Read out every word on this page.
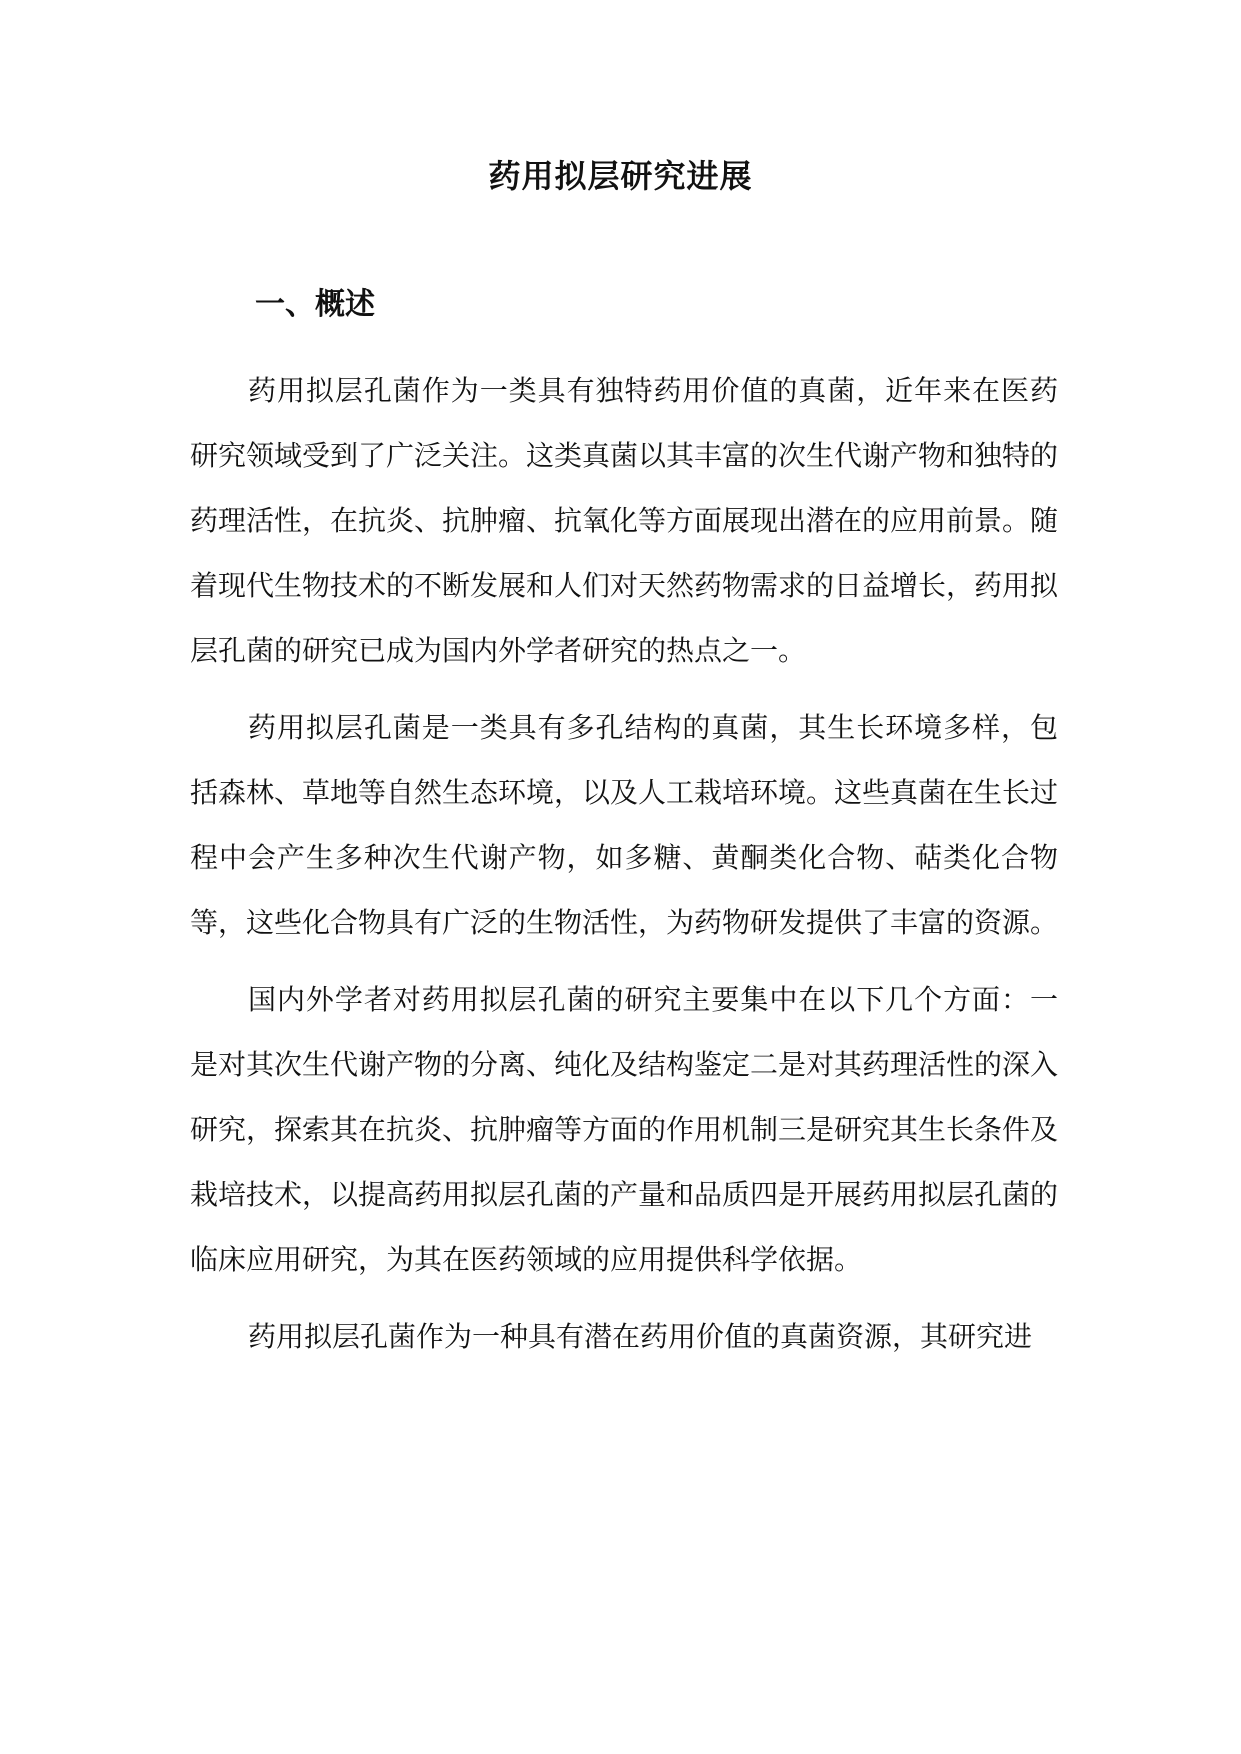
药用拟层研究进展
一、概述

药用拟层孔菌作为一类具有独特药用价值的真菌，近年来在医药研究领域受到了广泛关注。这类真菌以其丰富的次生代谢产物和独特的药理活性，在抗炎、抗肿瘤、抗氧化等方面展现出潜在的应用前景。随着现代生物技术的不断发展和人们对天然药物需求的日益增长，药用拟层孔菌的研究已成为国内外学者研究的热点之一。

药用拟层孔菌是一类具有多孔结构的真菌，其生长环境多样，包括森林、草地等自然生态环境，以及人工栽培环境。这些真菌在生长过程中会产生多种次生代谢产物，如多糖、黄酮类化合物、萜类化合物等，这些化合物具有广泛的生物活性，为药物研发提供了丰富的资源。

国内外学者对药用拟层孔菌的研究主要集中在以下几个方面：一是对其次生代谢产物的分离、纯化及结构鉴定二是对其药理活性的深入研究，探索其在抗炎、抗肿瘤等方面的作用机制三是研究其生长条件及栽培技术，以提高药用拟层孔菌的产量和品质四是开展药用拟层孔菌的临床应用研究，为其在医药领域的应用提供科学依据。

药用拟层孔菌作为一种具有潜在药用价值的真菌资源，其研究进
